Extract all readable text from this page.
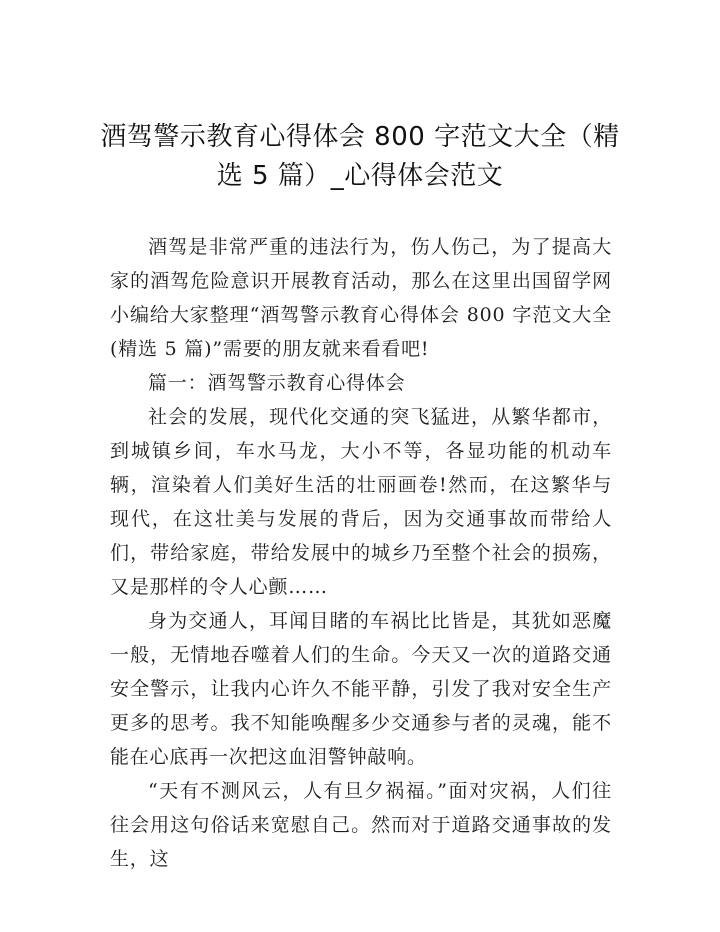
酒驾警示教育心得体会 800 字范文大全（精选 5 篇）_心得体会范文

酒驾是非常严重的违法行为，伤人伤己，为了提高大家的酒驾危险意识开展教育活动，那么在这里出国留学网小编给大家整理“酒驾警示教育心得体会 800 字范文大全(精选 5 篇)”需要的朋友就来看看吧!

篇一：酒驾警示教育心得体会

社会的发展，现代化交通的突飞猛进，从繁华都市，到城镇乡间，车水马龙，大小不等，各显功能的机动车辆，渲染着人们美好生活的壮丽画卷!然而，在这繁华与现代，在这壮美与发展的背后，因为交通事故而带给人们，带给家庭，带给发展中的城乡乃至整个社会的损殇，又是那样的令人心颤……

身为交通人，耳闻目睹的车祸比比皆是，其犹如恶魔一般，无情地吞噬着人们的生命。今天又一次的道路交通安全警示，让我内心许久不能平静，引发了我对安全生产更多的思考。我不知能唤醒多少交通参与者的灵魂，能不能在心底再一次把这血泪警钟敲响。

“天有不测风云，人有旦夕祸福。”面对灾祸，人们往往会用这句俗话来宽慰自己。然而对于道路交通事故的发生，这
